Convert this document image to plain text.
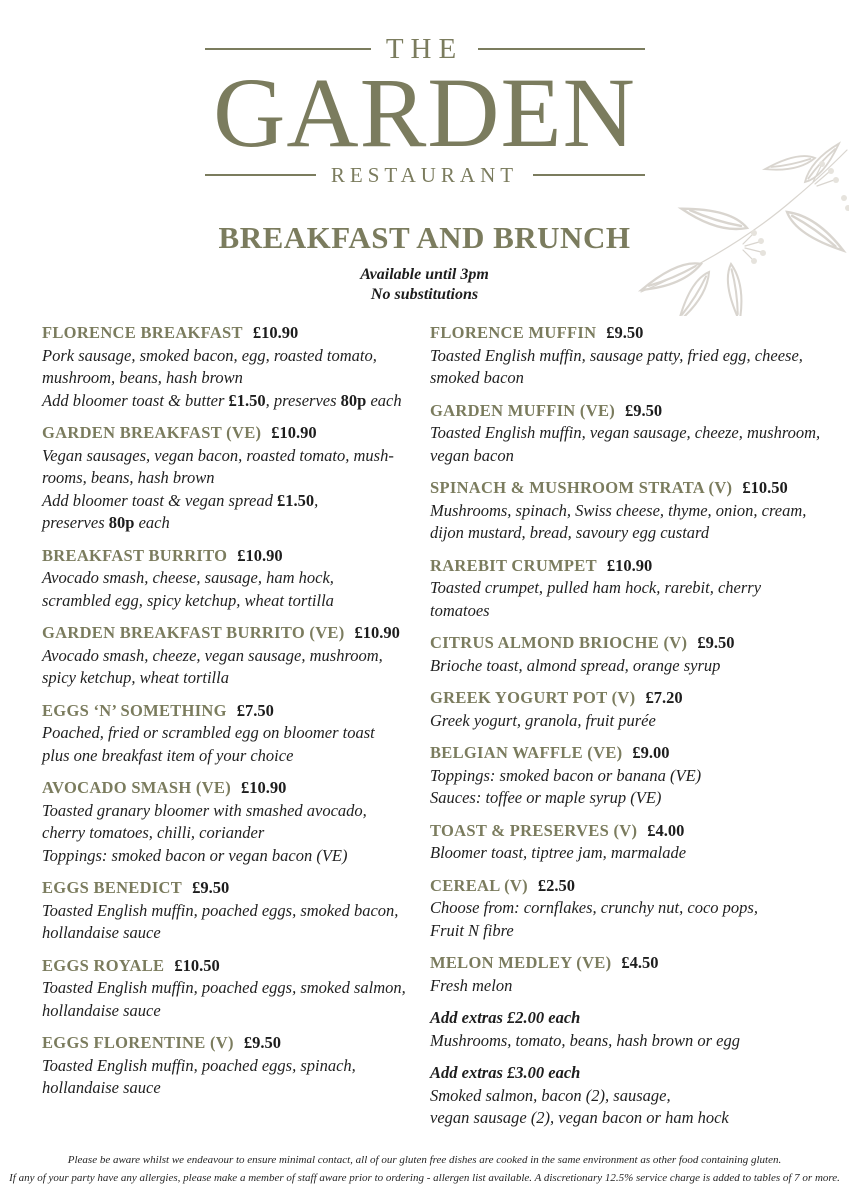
THE
GARDEN
RESTAURANT
BREAKFAST AND BRUNCH
Available until 3pm
No substitutions
FLORENCE BREAKFAST £10.90
Pork sausage, smoked bacon, egg, roasted tomato,
mushroom, beans, hash brown
Add bloomer toast & butter £1.50, preserves 80p each
GARDEN BREAKFAST (VE) £10.90
Vegan sausages, vegan bacon, roasted tomato, mush-
rooms, beans, hash brown
Add bloomer toast & vegan spread £1.50,
preserves 80p each
BREAKFAST BURRITO £10.90
Avocado smash, cheese, sausage, ham hock,
scrambled egg, spicy ketchup, wheat tortilla
GARDEN BREAKFAST BURRITO (VE) £10.90
Avocado smash, cheeze, vegan sausage, mushroom,
spicy ketchup, wheat tortilla
EGGS ‘N’ SOMETHING £7.50
Poached, fried or scrambled egg on bloomer toast
plus one breakfast item of your choice
AVOCADO SMASH (VE) £10.90
Toasted granary bloomer with smashed avocado,
cherry tomatoes, chilli, coriander
Toppings: smoked bacon or vegan bacon (VE)
EGGS BENEDICT £9.50
Toasted English muffin, poached eggs, smoked bacon,
hollandaise sauce
EGGS ROYALE £10.50
Toasted English muffin, poached eggs, smoked salmon,
hollandaise sauce
EGGS FLORENTINE (V) £9.50
Toasted English muffin, poached eggs, spinach,
hollandaise sauce
FLORENCE MUFFIN £9.50
Toasted English muffin, sausage patty, fried egg, cheese,
smoked bacon
GARDEN MUFFIN (VE) £9.50
Toasted English muffin, vegan sausage, cheeze, mushroom,
vegan bacon
SPINACH & MUSHROOM STRATA (V) £10.50
Mushrooms, spinach, Swiss cheese, thyme, onion, cream,
dijon mustard, bread, savoury egg custard
RAREBIT CRUMPET £10.90
Toasted crumpet, pulled ham hock, rarebit, cherry tomatoes
CITRUS ALMOND BRIOCHE (V) £9.50
Brioche toast, almond spread, orange syrup
GREEK YOGURT POT (V) £7.20
Greek yogurt, granola, fruit purée
BELGIAN WAFFLE (VE) £9.00
Toppings: smoked bacon or banana (VE)
Sauces: toffee or maple syrup (VE)
TOAST & PRESERVES (V) £4.00
Bloomer toast, tiptree jam, marmalade
CEREAL (V) £2.50
Choose from: cornflakes, crunchy nut, coco pops,
Fruit N fibre
MELON MEDLEY (VE) £4.50
Fresh melon
Add extras £2.00 each
Mushrooms, tomato, beans, hash brown or egg
Add extras £3.00 each
Smoked salmon, bacon (2), sausage,
vegan sausage (2), vegan bacon or ham hock
Please be aware whilst we endeavour to ensure minimal contact, all of our gluten free dishes are cooked in the same environment as other food containing gluten.
If any of your party have any allergies, please make a member of staff aware prior to ordering - allergen list available. A discretionary 12.5% service charge is added to tables of 7 or more.
